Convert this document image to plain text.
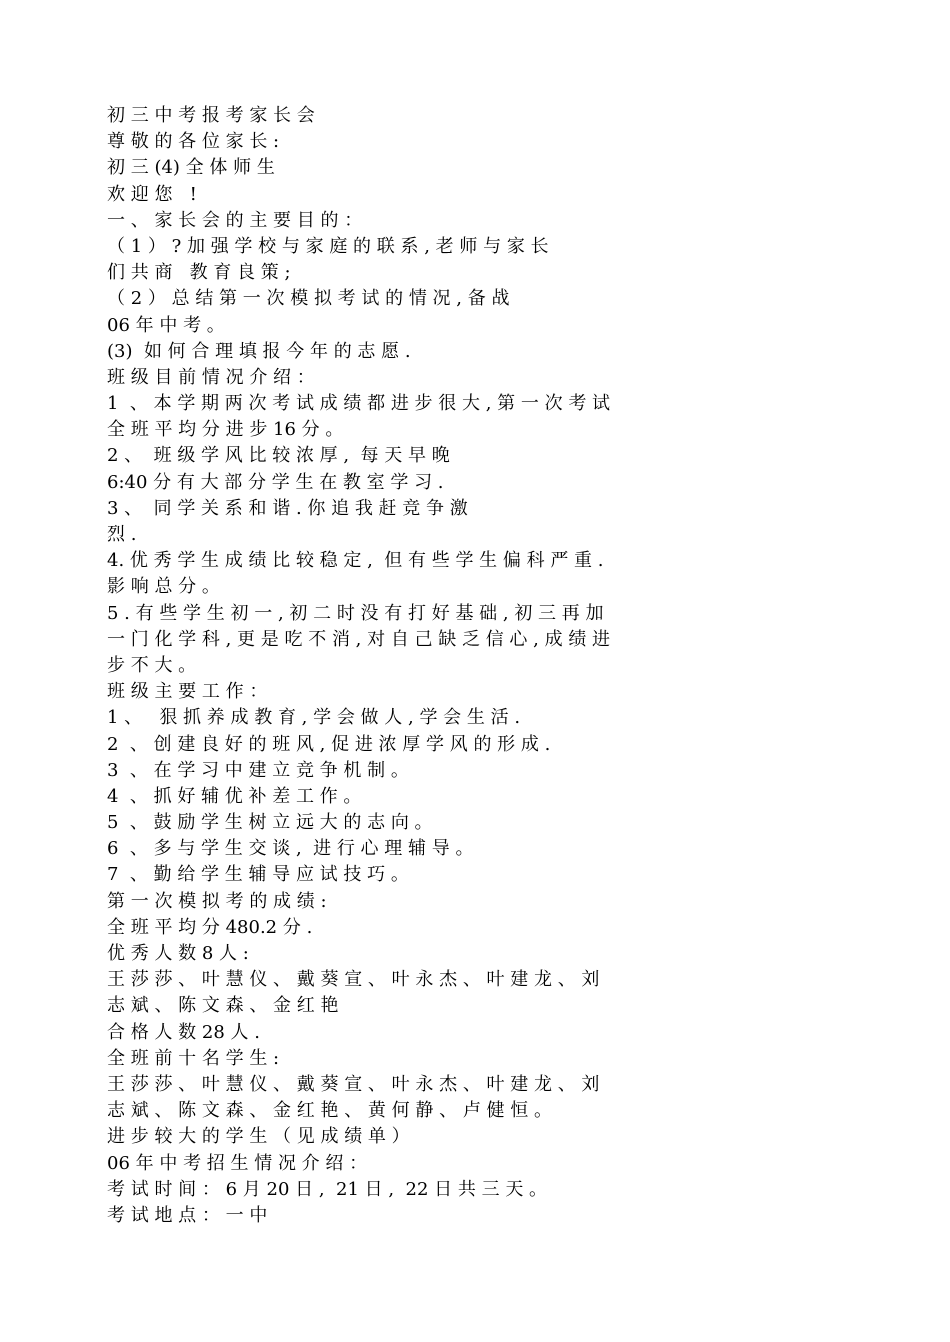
初 三 中 考 报 考 家 长 会
尊 敬 的 各 位 家 长 :
初 三 (4) 全 体 师 生
欢 迎 您   !
一 、 家 长 会 的 主 要 目 的 ：
（ 1 ） ? 加 强 学 校 与 家 庭 的 联 系 , 老 师 与 家 长
们 共 商   教 育 良 策 ;
（ 2 ） 总 结 第 一 次 模 拟 考 试 的 情 况 , 备 战
06 年 中 考 。
(3)  如 何 合 理 填 报 今 年 的 志 愿 .
班 级 目 前 情 况 介 绍 ：
1  、 本 学 期 两 次 考 试 成 绩 都 进 步 很 大 , 第 一 次 考 试
全 班 平 均 分 进 步 16 分 。
2 、  班 级 学 风 比 较 浓 厚 ,  每 天 早 晚
6:40 分 有 大 部 分 学 生 在 教 室 学 习 .
3 、  同 学 关 系 和 谐 . 你 追 我 赶 竞 争 激
烈 .
4. 优 秀 学 生 成 绩 比 较 稳 定 ,  但 有 些 学 生 偏 科 严 重 .
影 响 总 分 。
5 . 有 些 学 生 初 一 , 初 二 时 没 有 打 好 基 础 , 初 三 再 加
一 门 化 学 科 , 更 是 吃 不 消 , 对 自 己 缺 乏 信 心 , 成 绩 进
步 不 大 。
班 级 主 要 工 作 ：
1 、   狠 抓 养 成 教 育 , 学 会 做 人 , 学 会 生 活 .
2  、 创 建 良 好 的 班 风 , 促 进 浓 厚 学 风 的 形 成 .
3  、 在 学 习 中 建 立 竞 争 机 制 。
4  、 抓 好 辅 优 补 差 工 作 。
5  、 鼓 励 学 生 树 立 远 大 的 志 向 。
6  、 多 与 学 生 交 谈 ,  进 行 心 理 辅 导 。
7  、 勤 给 学 生 辅 导 应 试 技 巧 。
第 一 次 模 拟 考 的 成 绩 :
全 班 平 均 分 480.2 分 .
优 秀 人 数 8 人 :
王 莎 莎 、 叶 慧 仪 、 戴 葵 宣 、 叶 永 杰 、 叶 建 龙 、 刘
志 斌 、 陈 文 森 、 金 红 艳
合 格 人 数 28 人 .
全 班 前 十 名 学 生 :
王 莎 莎 、 叶 慧 仪 、 戴 葵 宣 、 叶 永 杰 、 叶 建 龙 、 刘
志 斌 、 陈 文 森 、 金 红 艳 、 黄 何 静 、 卢 健 恒 。
进 步 较 大 的 学 生 （ 见 成 绩 单 ）
06 年 中 考 招 生 情 况 介 绍 ：
考 试 时 间 ： 6 月 20 日 ,  21 日 ,  22 日 共 三 天 。
考 试 地 点 ： 一 中
